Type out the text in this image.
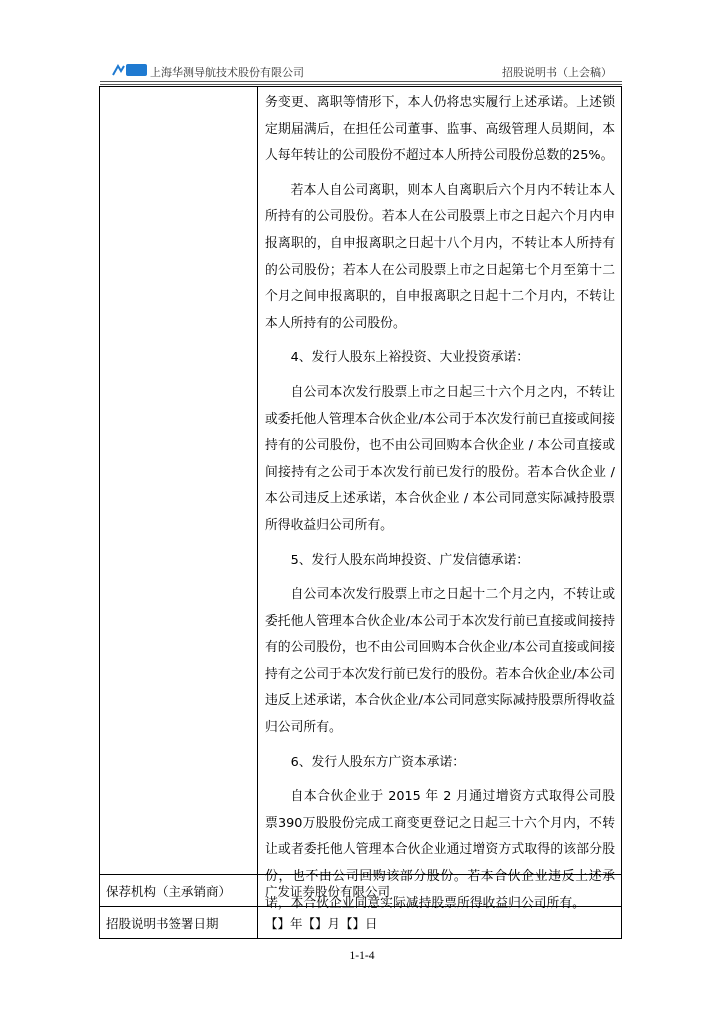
上海华测导航技术股份有限公司	招股说明书（上会稿）

务变更、离职等情形下，本人仍将忠实履行上述承诺。上述锁定期届满后，在担任公司董事、监事、高级管理人员期间，本人每年转让的公司股份不超过本人所持公司股份总数的25%。

若本人自公司离职，则本人自离职后六个月内不转让本人所持有的公司股份。若本人在公司股票上市之日起六个月内申报离职的，自申报离职之日起十八个月内，不转让本人所持有的公司股份；若本人在公司股票上市之日起第七个月至第十二个月之间申报离职的，自申报离职之日起十二个月内，不转让本人所持有的公司股份。

4、发行人股东上裕投资、大业投资承诺：

自公司本次发行股票上市之日起三十六个月之内，不转让或委托他人管理本合伙企业/本公司于本次发行前已直接或间接持有的公司股份，也不由公司回购本合伙企业 / 本公司直接或间接持有之公司于本次发行前已发行的股份。若本合伙企业 / 本公司违反上述承诺，本合伙企业 / 本公司同意实际减持股票所得收益归公司所有。

5、发行人股东尚坤投资、广发信德承诺：

自公司本次发行股票上市之日起十二个月之内，不转让或委托他人管理本合伙企业/本公司于本次发行前已直接或间接持有的公司股份，也不由公司回购本合伙企业/本公司直接或间接持有之公司于本次发行前已发行的股份。若本合伙企业/本公司违反上述承诺，本合伙企业/本公司同意实际减持股票所得收益归公司所有。

6、发行人股东方广资本承诺：

自本合伙企业于 2015 年 2 月通过增资方式取得公司股票390万股股份完成工商变更登记之日起三十六个月内，不转让或者委托他人管理本合伙企业通过增资方式取得的该部分股份，也不由公司回购该部分股份。若本合伙企业违反上述承诺，本合伙企业同意实际减持股票所得收益归公司所有。

保荐机构（主承销商）	广发证券股份有限公司
招股说明书签署日期	【】年【】月【】日
1-1-4
